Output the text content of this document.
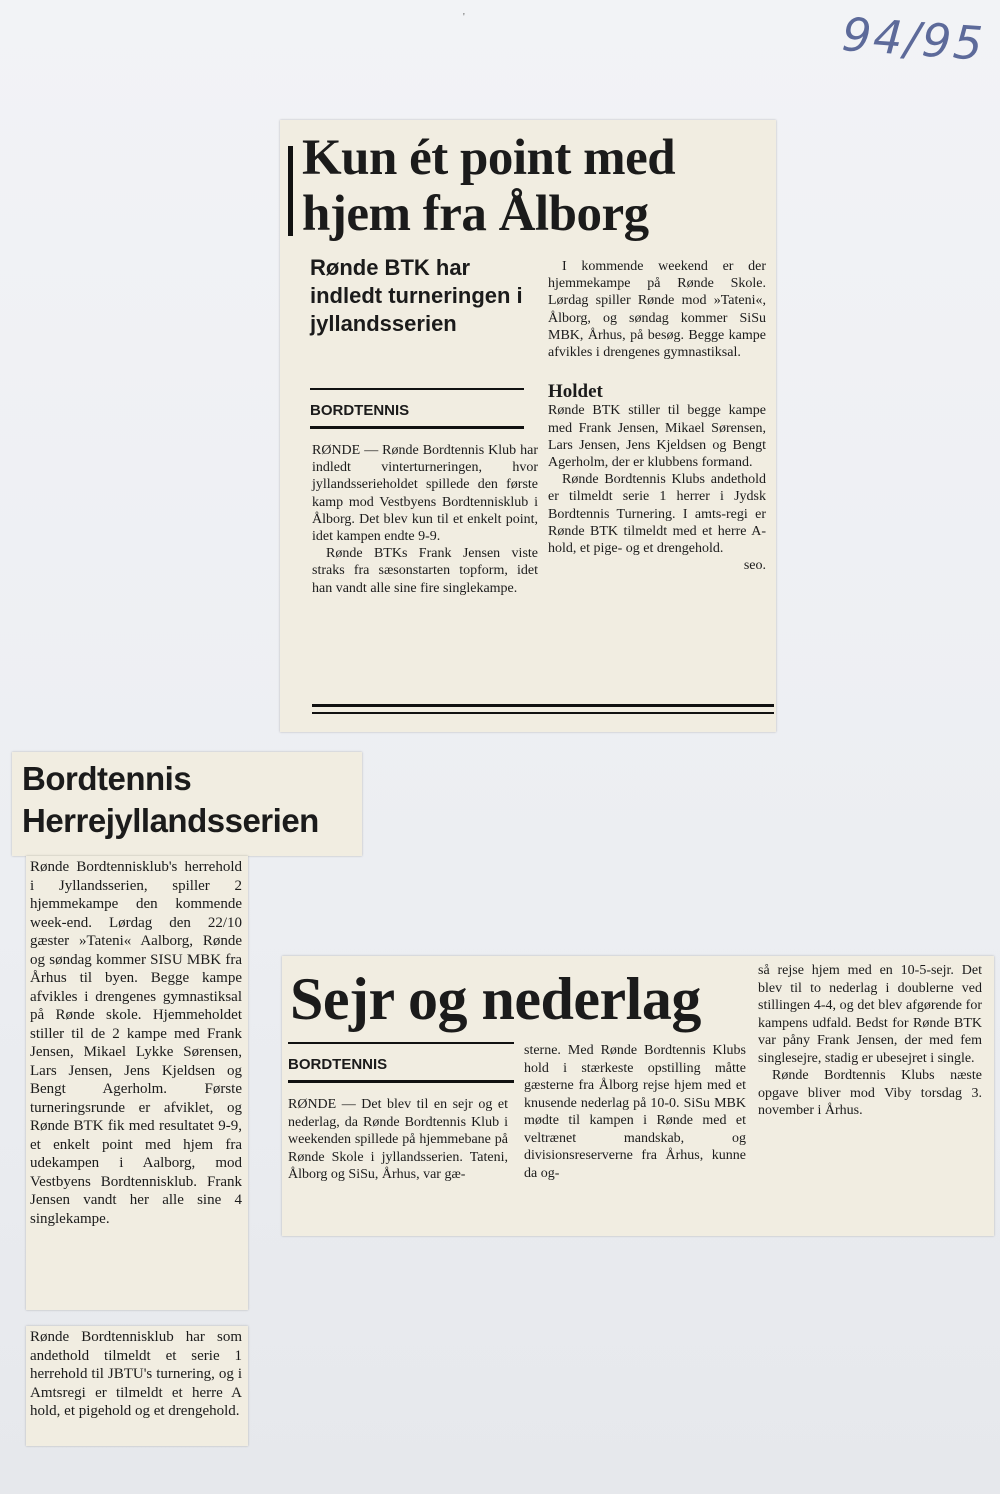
'	94/95
Kun ét point med
hjem fra Ålborg
Rønde BTK har indledt turneringen i jyllandsserien
BORDTENNIS

RØNDE — Rønde Bordtennis Klub har indledt vinterturneringen, hvor jyllandsserieholdet spillede den første kamp mod Vestbyens Bordtennisklub i Ålborg. Det blev kun til et enkelt point, idet kampen endte 9-9.

Rønde BTKs Frank Jensen viste straks fra sæsonstarten topform, idet han vandt alle sine fire singlekampe.

I kommende weekend er der hjemmekampe på Rønde Skole. Lørdag spiller Rønde mod »Tateni«, Ålborg, og søndag kommer SiSu MBK, Århus, på besøg. Begge kampe afvikles i drengenes gymnastiksal.

Holdet

Rønde BTK stiller til begge kampe med Frank Jensen, Mikael Sørensen, Lars Jensen, Jens Kjeldsen og Bengt Agerholm, der er klubbens formand.

Rønde Bordtennis Klubs andethold er tilmeldt serie 1 herrer i Jydsk Bordtennis Turnering. I amts-regi er Rønde BTK tilmeldt med et herre A-hold, et pige- og et drengehold.

seo.

Bordtennis
Herrejyllandsserien

Rønde Bordtennisklub's herrehold i Jyllandsserien, spiller 2 hjemmekampe den kommende week-end. Lørdag den 22/10 gæster »Tateni« Aalborg, Rønde og søndag kommer SISU MBK fra Århus til byen. Begge kampe afvikles i drengenes gymnastiksal på Rønde skole. Hjemmeholdet stiller til de 2 kampe med Frank Jensen, Mikael Lykke Sørensen, Lars Jensen, Jens Kjeldsen og Bengt Agerholm. Første turneringsrunde er afviklet, og Rønde BTK fik med resultatet 9-9, et enkelt point med hjem fra udekampen i Aalborg, mod Vestbyens Bordtennisklub. Frank Jensen vandt her alle sine 4 singlekampe.

Rønde Bordtennisklub har som andethold tilmeldt et serie 1 herrehold til JBTU's turnering, og i Amtsregi er tilmeldt et herre A hold, et pigehold og et drengehold.

Sejr og nederlag
BORDTENNIS

RØNDE — Det blev til en sejr og et nederlag, da Rønde Bordtennis Klub i weekenden spillede på hjemmebane på Rønde Skole i jyllandsserien. Tateni, Ålborg og SiSu, Århus, var gæ-

sterne. Med Rønde Bordtennis Klubs hold i stærkeste opstilling måtte gæsterne fra Ålborg rejse hjem med et knusende nederlag på 10-0. SiSu MBK mødte til kampen i Rønde med et veltrænet mandskab, og divisionsreserverne fra Århus, kunne da og-

så rejse hjem med en 10-5-sejr. Det blev til to nederlag i doublerne ved stillingen 4-4, og det blev afgørende for kampens udfald. Bedst for Rønde BTK var påny Frank Jensen, der med fem singlesejre, stadig er ubesejret i single.

Rønde Bordtennis Klubs næste opgave bliver mod Viby torsdag 3. november i Århus.
